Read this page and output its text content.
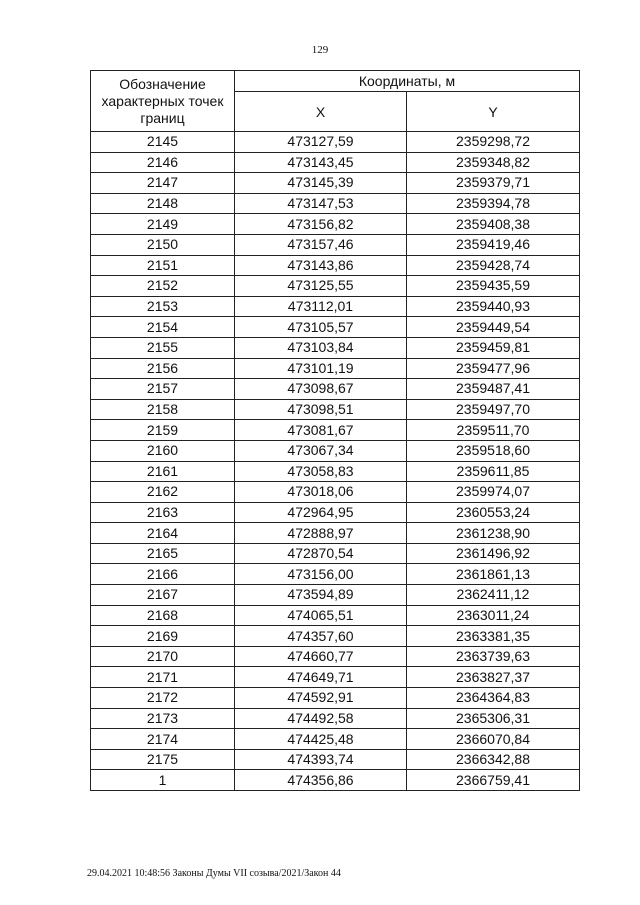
129
Обозначение характерных точек границ	Координаты, м	
	X	Y
2145	473127,59	2359298,72
2146	473143,45	2359348,82
2147	473145,39	2359379,71
2148	473147,53	2359394,78
2149	473156,82	2359408,38
2150	473157,46	2359419,46
2151	473143,86	2359428,74
2152	473125,55	2359435,59
2153	473112,01	2359440,93
2154	473105,57	2359449,54
2155	473103,84	2359459,81
2156	473101,19	2359477,96
2157	473098,67	2359487,41
2158	473098,51	2359497,70
2159	473081,67	2359511,70
2160	473067,34	2359518,60
2161	473058,83	2359611,85
2162	473018,06	2359974,07
2163	472964,95	2360553,24
2164	472888,97	2361238,90
2165	472870,54	2361496,92
2166	473156,00	2361861,13
2167	473594,89	2362411,12
2168	474065,51	2363011,24
2169	474357,60	2363381,35
2170	474660,77	2363739,63
2171	474649,71	2363827,37
2172	474592,91	2364364,83
2173	474492,58	2365306,31
2174	474425,48	2366070,84
2175	474393,74	2366342,88
1	474356,86	2366759,41
29.04.2021 10:48:56 Законы Думы VII созыва/2021/Закон 44
